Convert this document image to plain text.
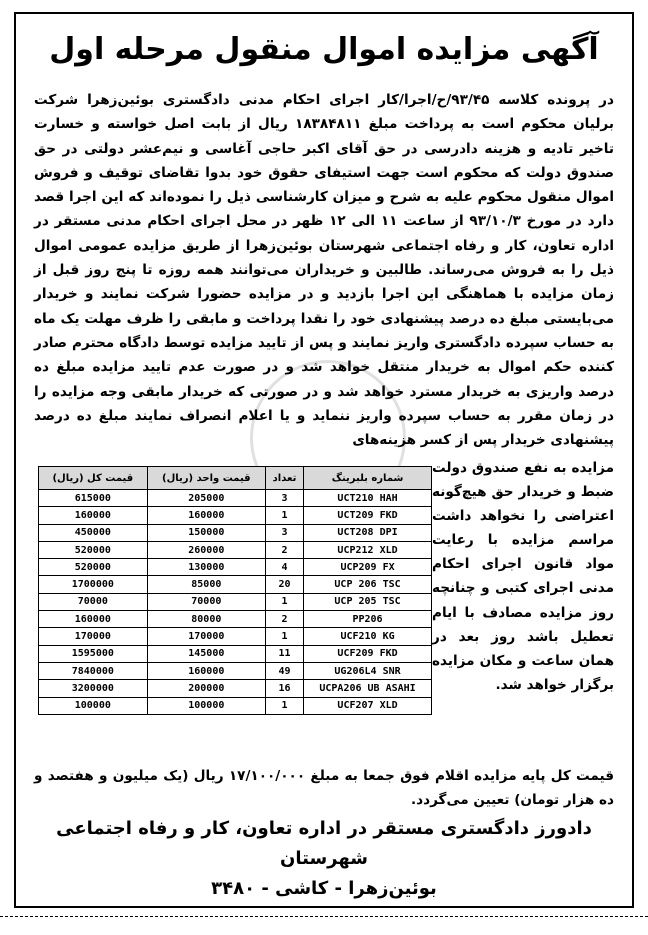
آگهی مزایده اموال منقول مرحله اول
در پرونده کلاسه ۹۳/۴۵/ح/اجرا/کار اجرای احکام مدنی دادگستری بوئین‌زهرا شرکت برلیان محکوم است به پرداخت مبلغ ۱۸۳۸۴۸۱۱ ریال از بابت اصل خواسته و خسارت تاخیر تادیه و هزینه دادرسی در حق آقای اکبر حاجی آغاسی و نیم‌عشر دولتی در حق صندوق دولت که محکوم است جهت استیفای حقوق خود بدوا تقاضای توقیف و فروش اموال منقول محکوم علیه به شرح و میزان کارشناسی ذیل را نموده‌اند که این اجرا قصد دارد در مورخ ۹۳/۱۰/۳ از ساعت ۱۱ الی ۱۲ ظهر در محل اجرای احکام مدنی مستقر در اداره تعاون، کار و رفاه اجتماعی شهرستان بوئین‌زهرا از طریق مزایده عمومی اموال ذیل را به فروش می‌رساند. طالبین و خریداران می‌توانند همه روزه تا پنج روز قبل از زمان مزایده با هماهنگی این اجرا بازدید و در مزایده حضورا شرکت نمایند و خریدار می‌بایستی مبلغ ده درصد پیشنهادی خود را نقدا پرداخت و مابقی را ظرف مهلت یک ماه به حساب سپرده دادگستری واریز نمایند و پس از تایید مزایده توسط دادگاه محترم صادر کننده حکم اموال به خریدار منتقل خواهد شد و در صورت عدم تایید مزایده مبلغ ده درصد واریزی به خریدار مسترد خواهد شد و در صورتی که خریدار مابقی وجه مزایده را در زمان مقرر به حساب سپرده واریز ننماید و یا اعلام انصراف نمایند مبلغ ده درصد پیشنهادی خریدار پس از کسر هزینه‌های
شماره بلبرینگ	تعداد	قیمت واحد (ریال)	قیمت کل (ریال)
UCT210 HAH	3	205000	615000
UCT209 FKD	1	160000	160000
UCT208 DPI	3	150000	450000
UCP212 XLD	2	260000	520000
UCP209 FX	4	130000	520000
UCP 206 TSC	20	85000	1700000
UCP 205 TSC	1	70000	70000
PP206	2	80000	160000
UCF210 KG	1	170000	170000
UCF209 FKD	11	145000	1595000
UG206L4 SNR	49	160000	7840000
UCPA206 UB ASAHI	16	200000	3200000
UCF207 XLD	1	100000	100000
مزایده به نفع صندوق دولت ضبط و خریدار حق هیچ‌گونه اعتراضی را نخواهد داشت مراسم مزایده با رعایت مواد قانون اجرای احکام مدنی اجرای کتبی و چنانچه روز مزایده مصادف با ایام تعطیل باشد روز بعد در همان ساعت و مکان مزایده برگزار خواهد شد.
قیمت کل پایه مزایده اقلام فوق جمعا به مبلغ ۱۷/۱۰۰/۰۰۰ ریال (یک میلیون و هفتصد و ده هزار تومان) تعیین می‌گردد.
دادورز دادگستری مستقر در اداره تعاون، کار و رفاه اجتماعی شهرستان
بوئین‌زهرا - کاشی - ۳۴۸۰
